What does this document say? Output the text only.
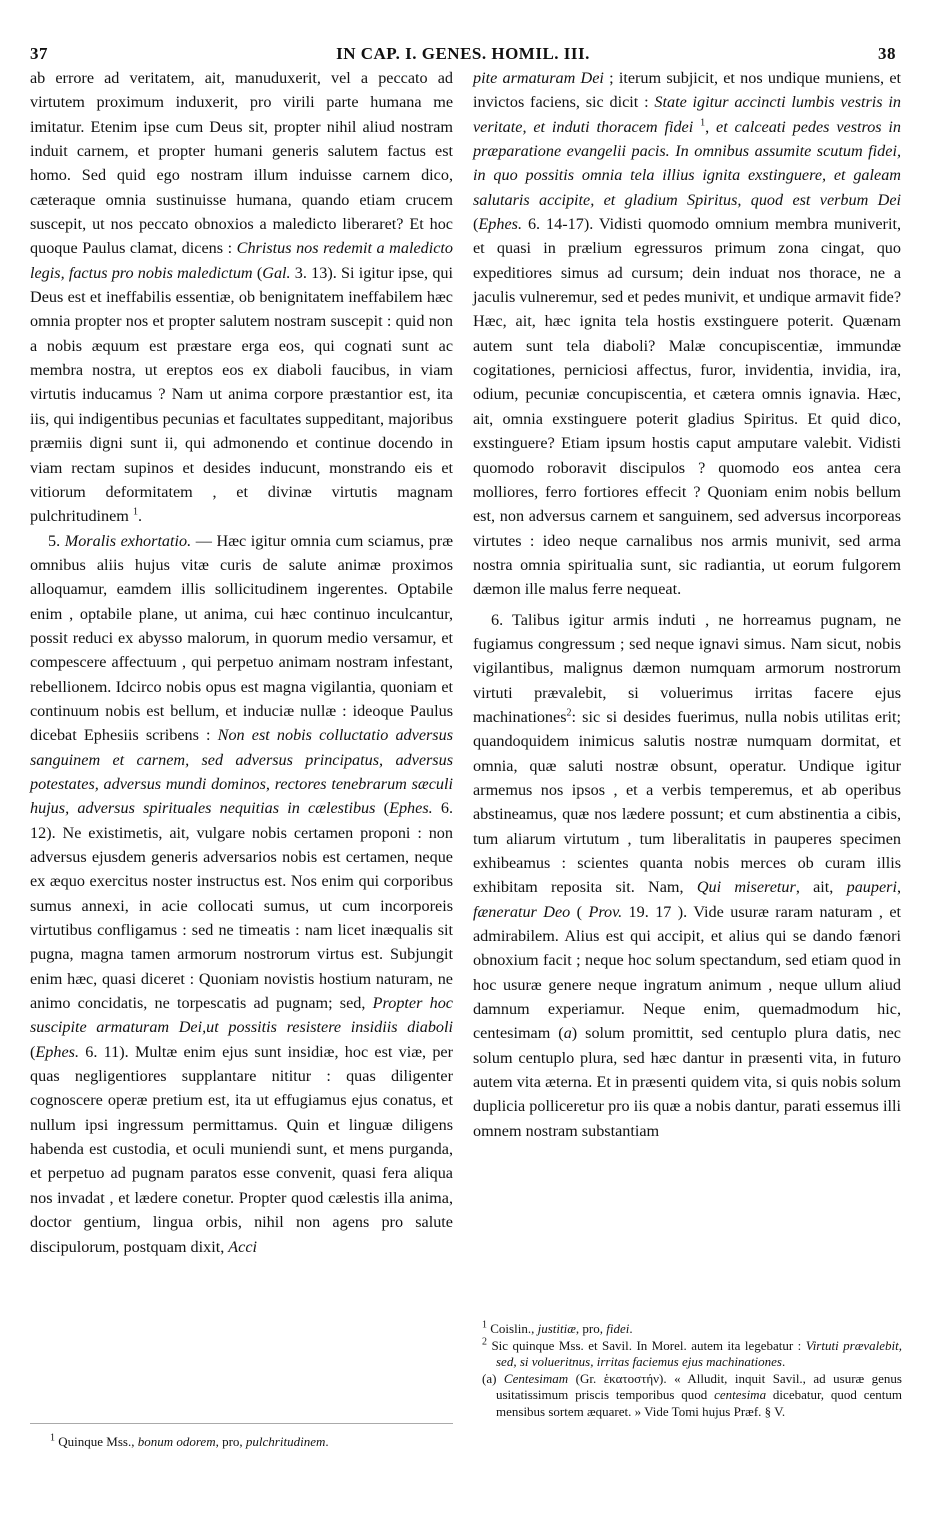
37	IN CAP. I. GENES. HOMIL. III.	38

ab errore ad veritatem, ait, manuduxerit, vel a peccato ad virtutem proximum induxerit, pro virili parte humana me imitatur. Etenim ipse cum Deus sit, propter nihil aliud nostram induit carnem, et propter humani generis salutem factus est homo. Sed quid ego nostram illum induisse carnem dico, cæteraque omnia sustinuisse humana, quando etiam crucem suscepit, ut nos peccato obnoxios a maledicto liberaret? Et hoc quoque Paulus clamat, dicens : Christus nos redemit a maledicto legis, factus pro nobis maledictum (Gal. 3. 13). Si igitur ipse, qui Deus est et ineffabilis essentiæ, ob benignitatem ineffabilem hæc omnia propter nos et propter salutem nostram suscepit : quid non a nobis æquum est præstare erga eos, qui cognati sunt ac membra nostra, ut ereptos eos ex diaboli faucibus, in viam virtutis inducamus ? Nam ut anima corpore præstantior est, ita iis, qui indigentibus pecunias et facultates suppeditant, majoribus præmiis digni sunt ii, qui admonendo et continue docendo in viam rectam supinos et desides inducunt, monstrando eis et vitiorum deformitatem , et divinæ virtutis magnam pulchritudinem $^1$.

5. Moralis exhortatio. — Hæc igitur omnia cum sciamus, præ omnibus aliis hujus vitæ curis de salute animæ proximos alloquamur, eamdem illis sollicitudinem ingerentes. Optabile enim , optabile plane, ut anima, cui hæc continuo inculcantur, possit reduci ex abysso malorum, in quorum medio versamur, et compescere affectuum , qui perpetuo animam nostram infestant, rebellionem. Idcirco nobis opus est magna vigilantia, quoniam et continuum nobis est bellum, et induciæ nullæ : ideoque Paulus dicebat Ephesiis scribens : Non est nobis colluctatio adversus sanguinem et carnem, sed adversus principatus, adversus potestates, adversus mundi dominos, rectores tenebrarum sæculi hujus, adversus spirituales nequitias in cælestibus (Ephes. 6. 12). Ne existimetis, ait, vulgare nobis certamen proponi : non adversus ejusdem generis adversarios nobis est certamen, neque ex æquo exercitus noster instructus est. Nos enim qui corporibus sumus annexi, in acie collocati sumus, ut cum incorporeis virtutibus confligamus : sed ne timeatis : nam licet inæqualis sit pugna, magna tamen armorum nostrorum virtus est. Subjungit enim hæc, quasi diceret : Quoniam novistis hostium naturam, ne animo concidatis, ne torpescatis ad pugnam; sed, Propter hoc suscipite armaturam Dei,ut possitis resistere insidiis diaboli (Ephes. 6. 11). Multæ enim ejus sunt insidiæ, hoc est viæ, per quas negligentiores supplantare nititur : quas diligenter cognoscere operæ pretium est, ita ut effugiamus ejus conatus, et nullum ipsi ingressum permittamus. Quin et linguæ diligens habenda est custodia, et oculi muniendi sunt, et mens purganda, et perpetuo ad pugnam paratos esse convenit, quasi fera aliqua nos invadat , et lædere conetur. Propter quod cælestis illa anima, doctor gentium, lingua orbis, nihil non agens pro salute discipulorum, postquam dixit, Acci

pite armaturam Dei ; iterum subjicit, et nos undique muniens, et invictos faciens, sic dicit : State igitur accincti lumbis vestris in veritate, et induti thoracem fidei $^1$, et calceati pedes vestros in præparatione evangelii pacis. In omnibus assumite scutum fidei, in quo possitis omnia tela illius ignita exstinguere, et galeam salutaris accipite, et gladium Spiritus, quod est verbum Dei (Ephes. 6. 14-17). Vidisti quomodo omnium membra muniverit, et quasi in prælium egressuros primum zona cingat, quo expeditiores simus ad cursum; dein induat nos thorace, ne a jaculis vulneremur, sed et pedes munivit, et undique armavit fide? Hæc, ait, hæc ignita tela hostis exstinguere poterit. Quænam autem sunt tela diaboli? Malæ concupiscentiæ, immundæ cogitationes, perniciosi affectus, furor, invidentia, invidia, ira, odium, pecuniæ concupiscentia, et cætera omnis ignavia. Hæc, ait, omnia exstinguere poterit gladius Spiritus. Et quid dico, exstinguere? Etiam ipsum hostis caput amputare valebit. Vidisti quomodo roboravit discipulos ? quomodo eos antea cera molliores, ferro fortiores effecit ? Quoniam enim nobis bellum est, non adversus carnem et sanguinem, sed adversus incorporeas virtutes : ideo neque carnalibus nos armis munivit, sed arma nostra omnia spiritualia sunt, sic radiantia, ut eorum fulgorem dæmon ille malus ferre nequeat.

6. Talibus igitur armis induti , ne horreamus pugnam, ne fugiamus congressum ; sed neque ignavi simus. Nam sicut, nobis vigilantibus, malignus dæmon numquam armorum nostrorum virtuti prævalebit, si voluerimus irritas facere ejus machinationes$^2$: sic si desides fuerimus, nulla nobis utilitas erit; quandoquidem inimicus salutis nostræ numquam dormitat, et omnia, quæ saluti nostræ obsunt, operatur. Undique igitur armemus nos ipsos , et a verbis temperemus, et ab operibus abstineamus, quæ nos lædere possunt; et cum abstinentia a cibis, tum aliarum virtutum , tum liberalitatis in pauperes specimen exhibeamus : scientes quanta nobis merces ob curam illis exhibitam reposita sit. Nam, Qui miseretur, ait, pauperi, fæneratur Deo ( Prov. 19. 17 ). Vide usuræ raram naturam , et admirabilem. Alius est qui accipit, et alius qui se dando fænori obnoxium facit ; neque hoc solum spectandum, sed etiam quod in hoc usuræ genere neque ingratum animum , neque ullum aliud damnum experiamur. Neque enim, quemadmodum hic, centesimam (a) solum promittit, sed centuplo plura datis, nec solum centuplo plura, sed hæc dantur in præsenti vita, in futuro autem vita æterna. Et in præsenti quidem vita, si quis nobis solum duplicia polliceretur pro iis quæ a nobis dantur, parati essemus illi omnem nostram substantiam

$^1$ Quinque Mss., bonum odorem, pro, pulchritudinem.

$^1$ Coislin., justitiæ, pro, fidei.

$^2$ Sic quinque Mss. et Savil. In Morel. autem ita legebatur : Virtuti prævalebit, sed, si volueritnus, irritas faciemus ejus machinationes.

(a) Centesimam (Gr. ἑκατοστήν). « Alludit, inquit Savil., ad usuræ genus usitatissimum priscis temporibus quod centesima dicebatur, quod centum mensibus sortem æquaret. » Vide Tomi hujus Præf. § V.
